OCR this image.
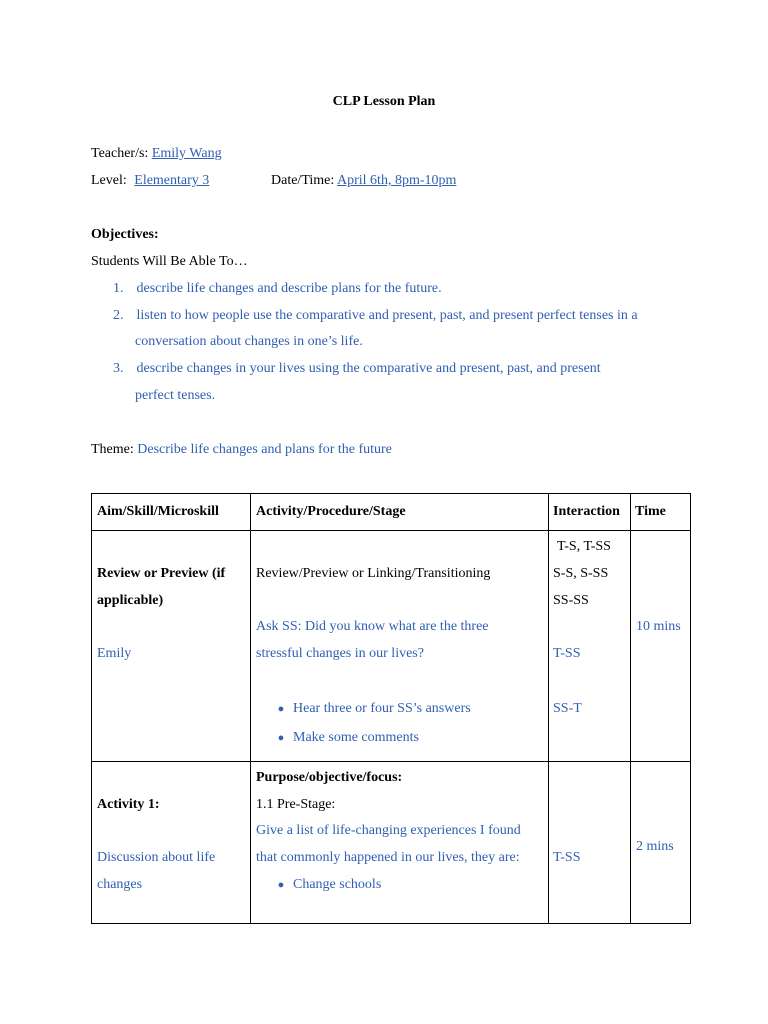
CLP Lesson Plan
Teacher/s: Emily Wang
Level: Elementary 3	Date/Time: April 6th, 8pm-10pm
Objectives:
Students Will Be Able To…
1. describe life changes and describe plans for the future.
2. listen to how people use the comparative and present, past, and present perfect tenses in a
conversation about changes in one’s life.
3. describe changes in your lives using the comparative and present, past, and present
perfect tenses.
Theme: Describe life changes and plans for the future
Aim/Skill/Microskill	Activity/Procedure/Stage	Interaction	Time

Review or Preview (if
applicable)
Emily	Review/Preview or Linking/Transitioning
Ask SS: Did you know what are the three
stressful changes in our lives?
● Hear three or four SS’s answers
● Make some comments	T-S, T-SS
S-S, S-SS
SS-SS
T-SS
SS-T	10 mins

Activity 1:
Discussion about life
changes	Purpose/objective/focus:
1.1 Pre-Stage:
Give a list of life-changing experiences I found
that commonly happened in our lives, they are:
● Change schools	T-SS	2 mins
